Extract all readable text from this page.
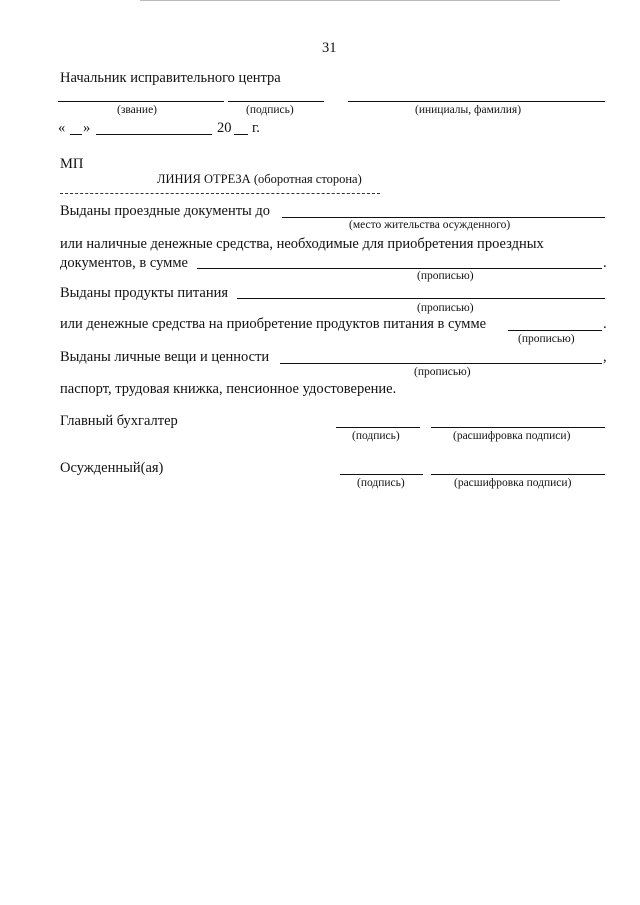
31
Начальник исправительного центра
(звание)	(подпись)	(инициалы, фамилия)
« »	20 г.
МП
ЛИНИЯ ОТРЕЗА (оборотная сторона)
Выданы проездные документы до
(место жительства осужденного)
или наличные денежные средства, необходимые для приобретения проездных
документов, в сумме	.
(прописью)
Выданы продукты питания
(прописью)
или денежные средства на приобретение продуктов питания в сумме	.
(прописью)
Выданы личные вещи и ценности	,
(прописью)
паспорт, трудовая книжка, пенсионное удостоверение.
Главный бухгалтер
(подпись)	(расшифровка подписи)
Осужденный(ая)
(подпись)	(расшифровка подписи)
